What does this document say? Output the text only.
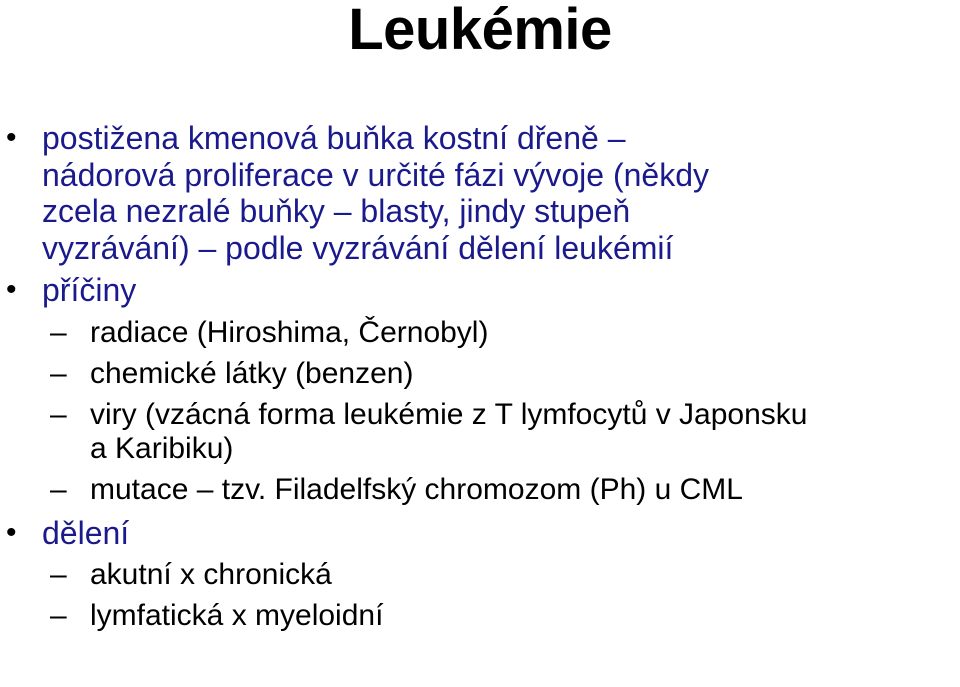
Leukémie
• postižena kmenová buňka kostní dřeně –
nádorová proliferace v určité fázi vývoje (někdy
zcela nezralé buňky – blasty, jindy stupeň
vyzrávání) – podle vyzrávání dělení leukémií
• příčiny
– radiace (Hiroshima, Černobyl)
– chemické látky (benzen)
– viry (vzácná forma leukémie z T lymfocytů v Japonsku
a Karibiku)
– mutace – tzv. Filadelfský chromozom (Ph) u CML
• dělení
– akutní x chronická
– lymfatická x myeloidní
